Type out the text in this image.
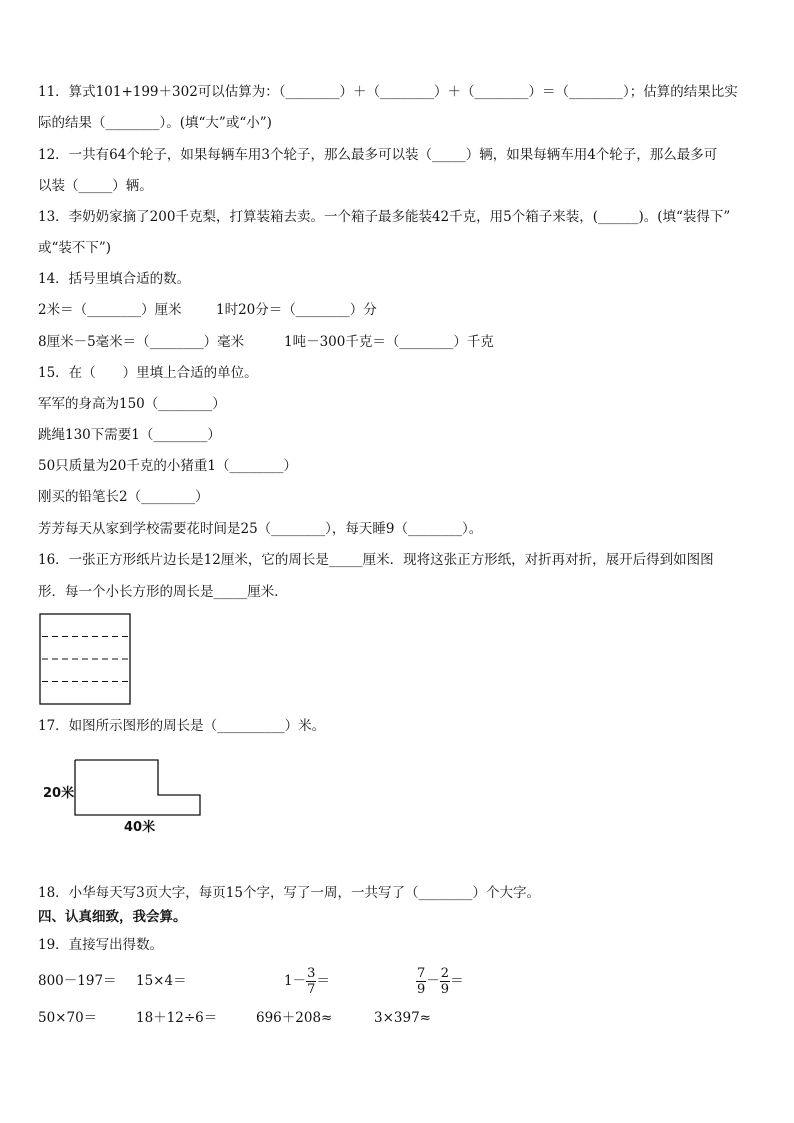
11．算式101+199＋302可以估算为：（________）＋（________）＋（________）＝（________）；估算的结果比实
际的结果（________）。(填“大”或“小”)
12．一共有64个轮子，如果每辆车用3个轮子，那么最多可以装（_____）辆，如果每辆车用4个轮子，那么最多可
以装（_____）辆。
13．李奶奶家摘了200千克梨，打算装箱去卖。一个箱子最多能装42千克，用5个箱子来装，(______)。(填“装得下”
或“装不下”)
14．括号里填合适的数。
2米＝（________）厘米	1时20分＝（________）分
8厘米－5毫米＝（________）毫米	1吨－300千克＝（________）千克
15．在（　　）里填上合适的单位。
军军的身高为150（________）
跳绳130下需要1（________）
50只质量为20千克的小猪重1（________）
刚买的铅笔长2（________）
芳芳每天从家到学校需要花时间是25（________），每天睡9（________）。
16．一张正方形纸片边长是12厘米，它的周长是_____厘米．现将这张正方形纸，对折再对折，展开后得到如图图
形．每一个小长方形的周长是_____厘米．
17．如图所示图形的周长是（__________）米。
20米
40米
18．小华每天写3页大字，每页15个字，写了一周，一共写了（________）个大字。
四、认真细致，我会算。
19．直接写出得数。
800－197＝ 15×4＝	$1- \frac{3}{7}$ ＝	$\frac{7}{9} - \frac{2}{9}$ ＝
50×70＝	18＋12÷6＝	696＋208≈	3×397≈
